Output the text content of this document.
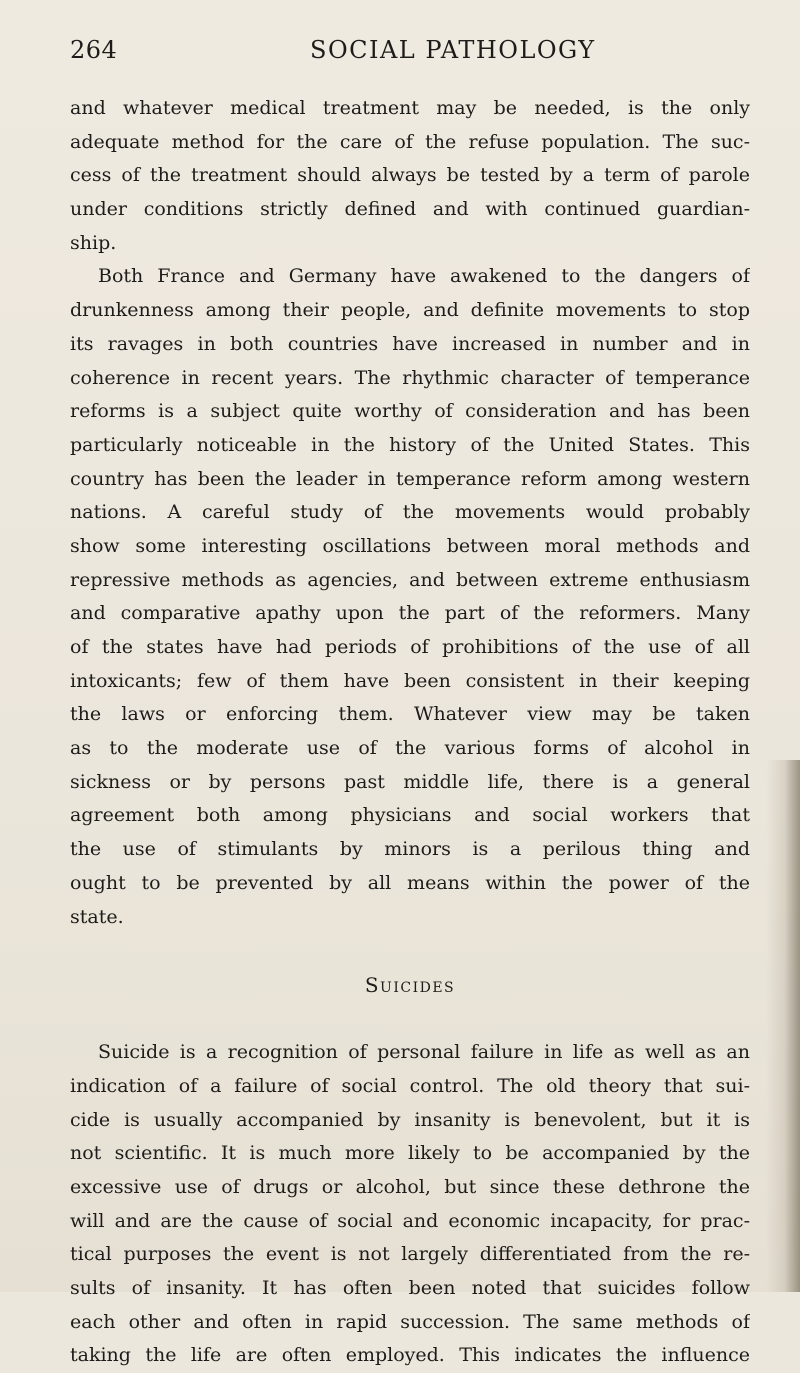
264	SOCIAL PATHOLOGY
and whatever medical treatment may be needed, is the only
adequate method for the care of the refuse population. The suc-
cess of the treatment should always be tested by a term of parole
under conditions strictly defined and with continued guardian-
ship.
Both France and Germany have awakened to the dangers of
drunkenness among their people, and definite movements to stop
its ravages in both countries have increased in number and in
coherence in recent years. The rhythmic character of temperance
reforms is a subject quite worthy of consideration and has been
particularly noticeable in the history of the United States. This
country has been the leader in temperance reform among western
nations. A careful study of the movements would probably
show some interesting oscillations between moral methods and
repressive methods as agencies, and between extreme enthusiasm
and comparative apathy upon the part of the reformers. Many
of the states have had periods of prohibitions of the use of all
intoxicants; few of them have been consistent in their keeping
the laws or enforcing them. Whatever view may be taken
as to the moderate use of the various forms of alcohol in
sickness or by persons past middle life, there is a general
agreement both among physicians and social workers that
the use of stimulants by minors is a perilous thing and
ought to be prevented by all means within the power of the
state.
Suicides
Suicide is a recognition of personal failure in life as well as an
indication of a failure of social control. The old theory that sui-
cide is usually accompanied by insanity is benevolent, but it is
not scientific. It is much more likely to be accompanied by the
excessive use of drugs or alcohol, but since these dethrone the
will and are the cause of social and economic incapacity, for prac-
tical purposes the event is not largely differentiated from the re-
sults of insanity. It has often been noted that suicides follow
each other and often in rapid succession. The same methods of
taking the life are often employed. This indicates the influence
